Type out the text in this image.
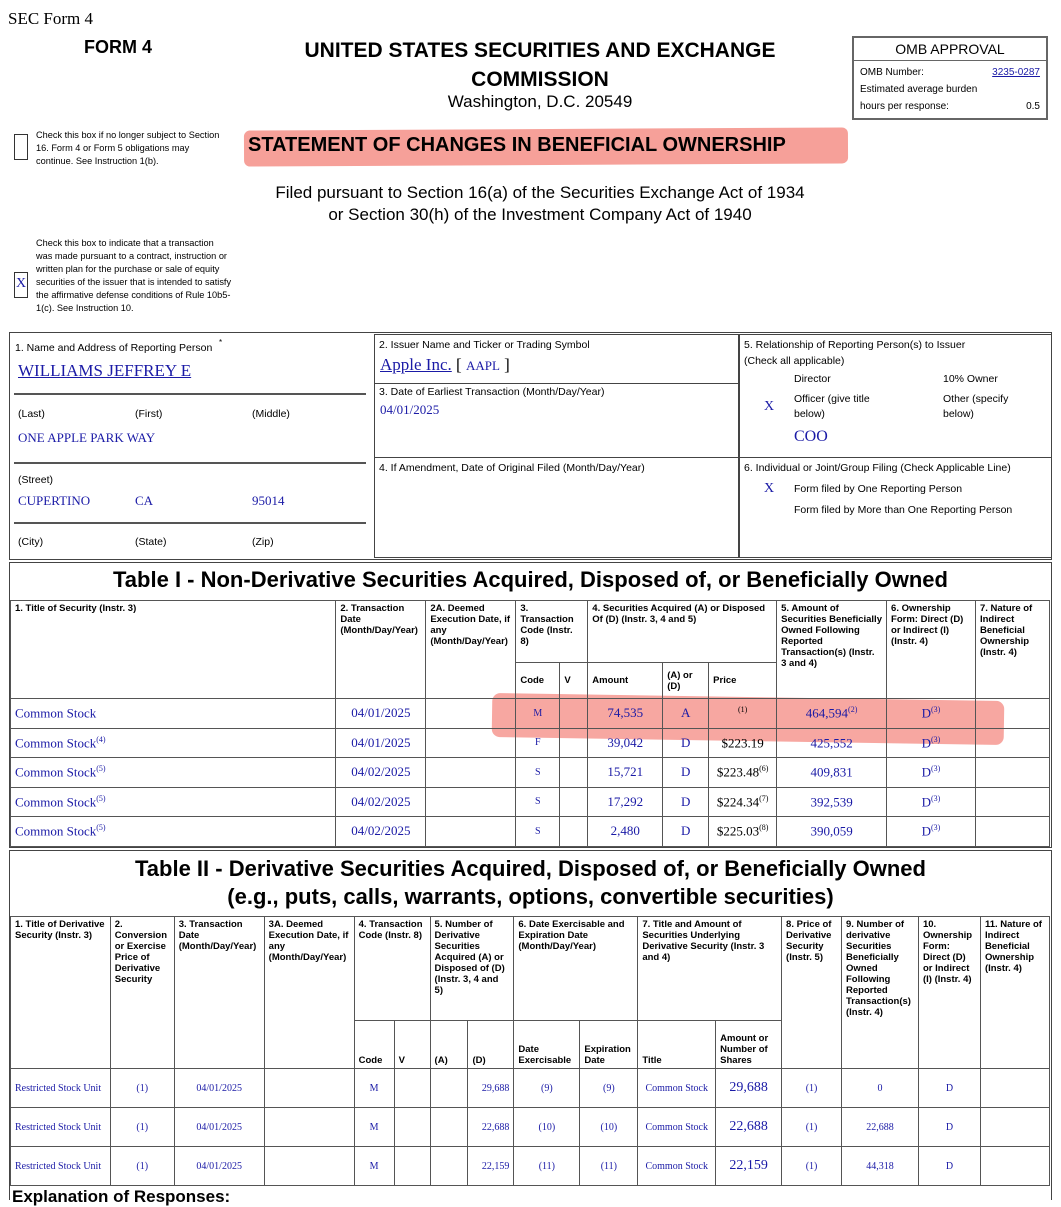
SEC Form 4
FORM 4	UNITED STATES SECURITIES AND EXCHANGE
COMMISSION
Washington, D.C. 20549
OMB APPROVAL
OMB Number:	3235-0287
Estimated average burden
hours per response:	0.5
Check this box if no longer subject to Section 16. Form 4 or Form 5 obligations may continue. See Instruction 1(b).
X
Check this box to indicate that a transaction was made pursuant to a contract, instruction or written plan for the purchase or sale of equity securities of the issuer that is intended to satisfy the affirmative defense conditions of Rule 10b5-1(c). See Instruction 10.
STATEMENT OF CHANGES IN BENEFICIAL OWNERSHIP
Filed pursuant to Section 16(a) of the Securities Exchange Act of 1934
or Section 30(h) of the Investment Company Act of 1940
1. Name and Address of Reporting Person *
WILLIAMS JEFFREY E
(Last)	(First)	(Middle)
ONE APPLE PARK WAY
(Street)
CUPERTINO	CA	95014
(City)	(State)	(Zip)
2. Issuer Name and Ticker or Trading Symbol
Apple Inc. [ AAPL ]
3. Date of Earliest Transaction (Month/Day/Year)
04/01/2025
4. If Amendment, Date of Original Filed (Month/Day/Year)
5. Relationship of Reporting Person(s) to Issuer
(Check all applicable)
Director	10% Owner
X Officer (give title below)
Other (specify below)
COO
6. Individual or Joint/Group Filing (Check Applicable Line)
X Form filed by One Reporting Person
Form filed by More than One Reporting Person
Table I - Non-Derivative Securities Acquired, Disposed of, or Beneficially Owned
1. Title of Security (Instr. 3)	2. Transaction Date (Month/Day/Year)	2A. Deemed Execution Date, if any (Month/Day/Year)	3. Transaction Code (Instr. 8)		4. Securities Acquired (A) or Disposed Of (D) (Instr. 3, 4 and 5)			5. Amount of Securities Beneficially Owned Following Reported Transaction(s) (Instr. 3 and 4)	6. Ownership Form: Direct (D) or Indirect (I) (Instr. 4)	7. Nature of Indirect Beneficial Ownership (Instr. 4)
			Code	V	Amount	(A) or (D)	Price			
Common Stock	04/01/2025		M		74,535	A	$^{(1)}$	464,594$^{(2)}$	$D^{(3)}$	
Common Stock$^{(4)}$	04/01/2025		F		39,042	D	$223.19	425,552	$D^{(3)}$	
Common Stock$^{(5)}$	04/02/2025		S		15,721	D	$223.48$^{(6)}$	409,831	$D^{(3)}$	
Common Stock$^{(5)}$	04/02/2025		S		17,292	D	$224.34$^{(7)}$	392,539	$D^{(3)}$	
Common Stock$^{(5)}$	04/02/2025		S		2,480	D	$225.03$^{(8)}$	390,059	$D^{(3)}$	
Table II - Derivative Securities Acquired, Disposed of, or Beneficially Owned
(e.g., puts, calls, warrants, options, convertible securities)
1. Title of Derivative Security (Instr. 3)	2. Conversion or Exercise Price of Derivative Security	3. Transaction Date (Month/Day/Year)	3A. Deemed Execution Date, if any (Month/Day/Year)	4. Transaction Code (Instr. 8)		5. Number of Derivative Securities Acquired (A) or Disposed of (D) (Instr. 3, 4 and 5)		6. Date Exercisable and Expiration Date (Month/Day/Year)		7. Title and Amount of Securities Underlying Derivative Security (Instr. 3 and 4)		8. Price of Derivative Security (Instr. 5)	9. Number of derivative Securities Beneficially Owned Following Reported Transaction(s) (Instr. 4)	10. Ownership Form: Direct (D) or Indirect (I) (Instr. 4)	11. Nature of Indirect Beneficial Ownership (Instr. 4)
				Code	V	(A)	(D)	Date Exercisable	Expiration Date	Title	Amount or Number of Shares				
Restricted Stock Unit	(1)	04/01/2025		M			29,688	(9)	(9)	Common Stock	29,688	(1)	0	D	
Restricted Stock Unit	(1)	04/01/2025		M			22,688	(10)	(10)	Common Stock	22,688	(1)	22,688	D	
Restricted Stock Unit	(1)	04/01/2025		M			22,159	(11)	(11)	Common Stock	22,159	(1)	44,318	D	
Explanation of Responses:
